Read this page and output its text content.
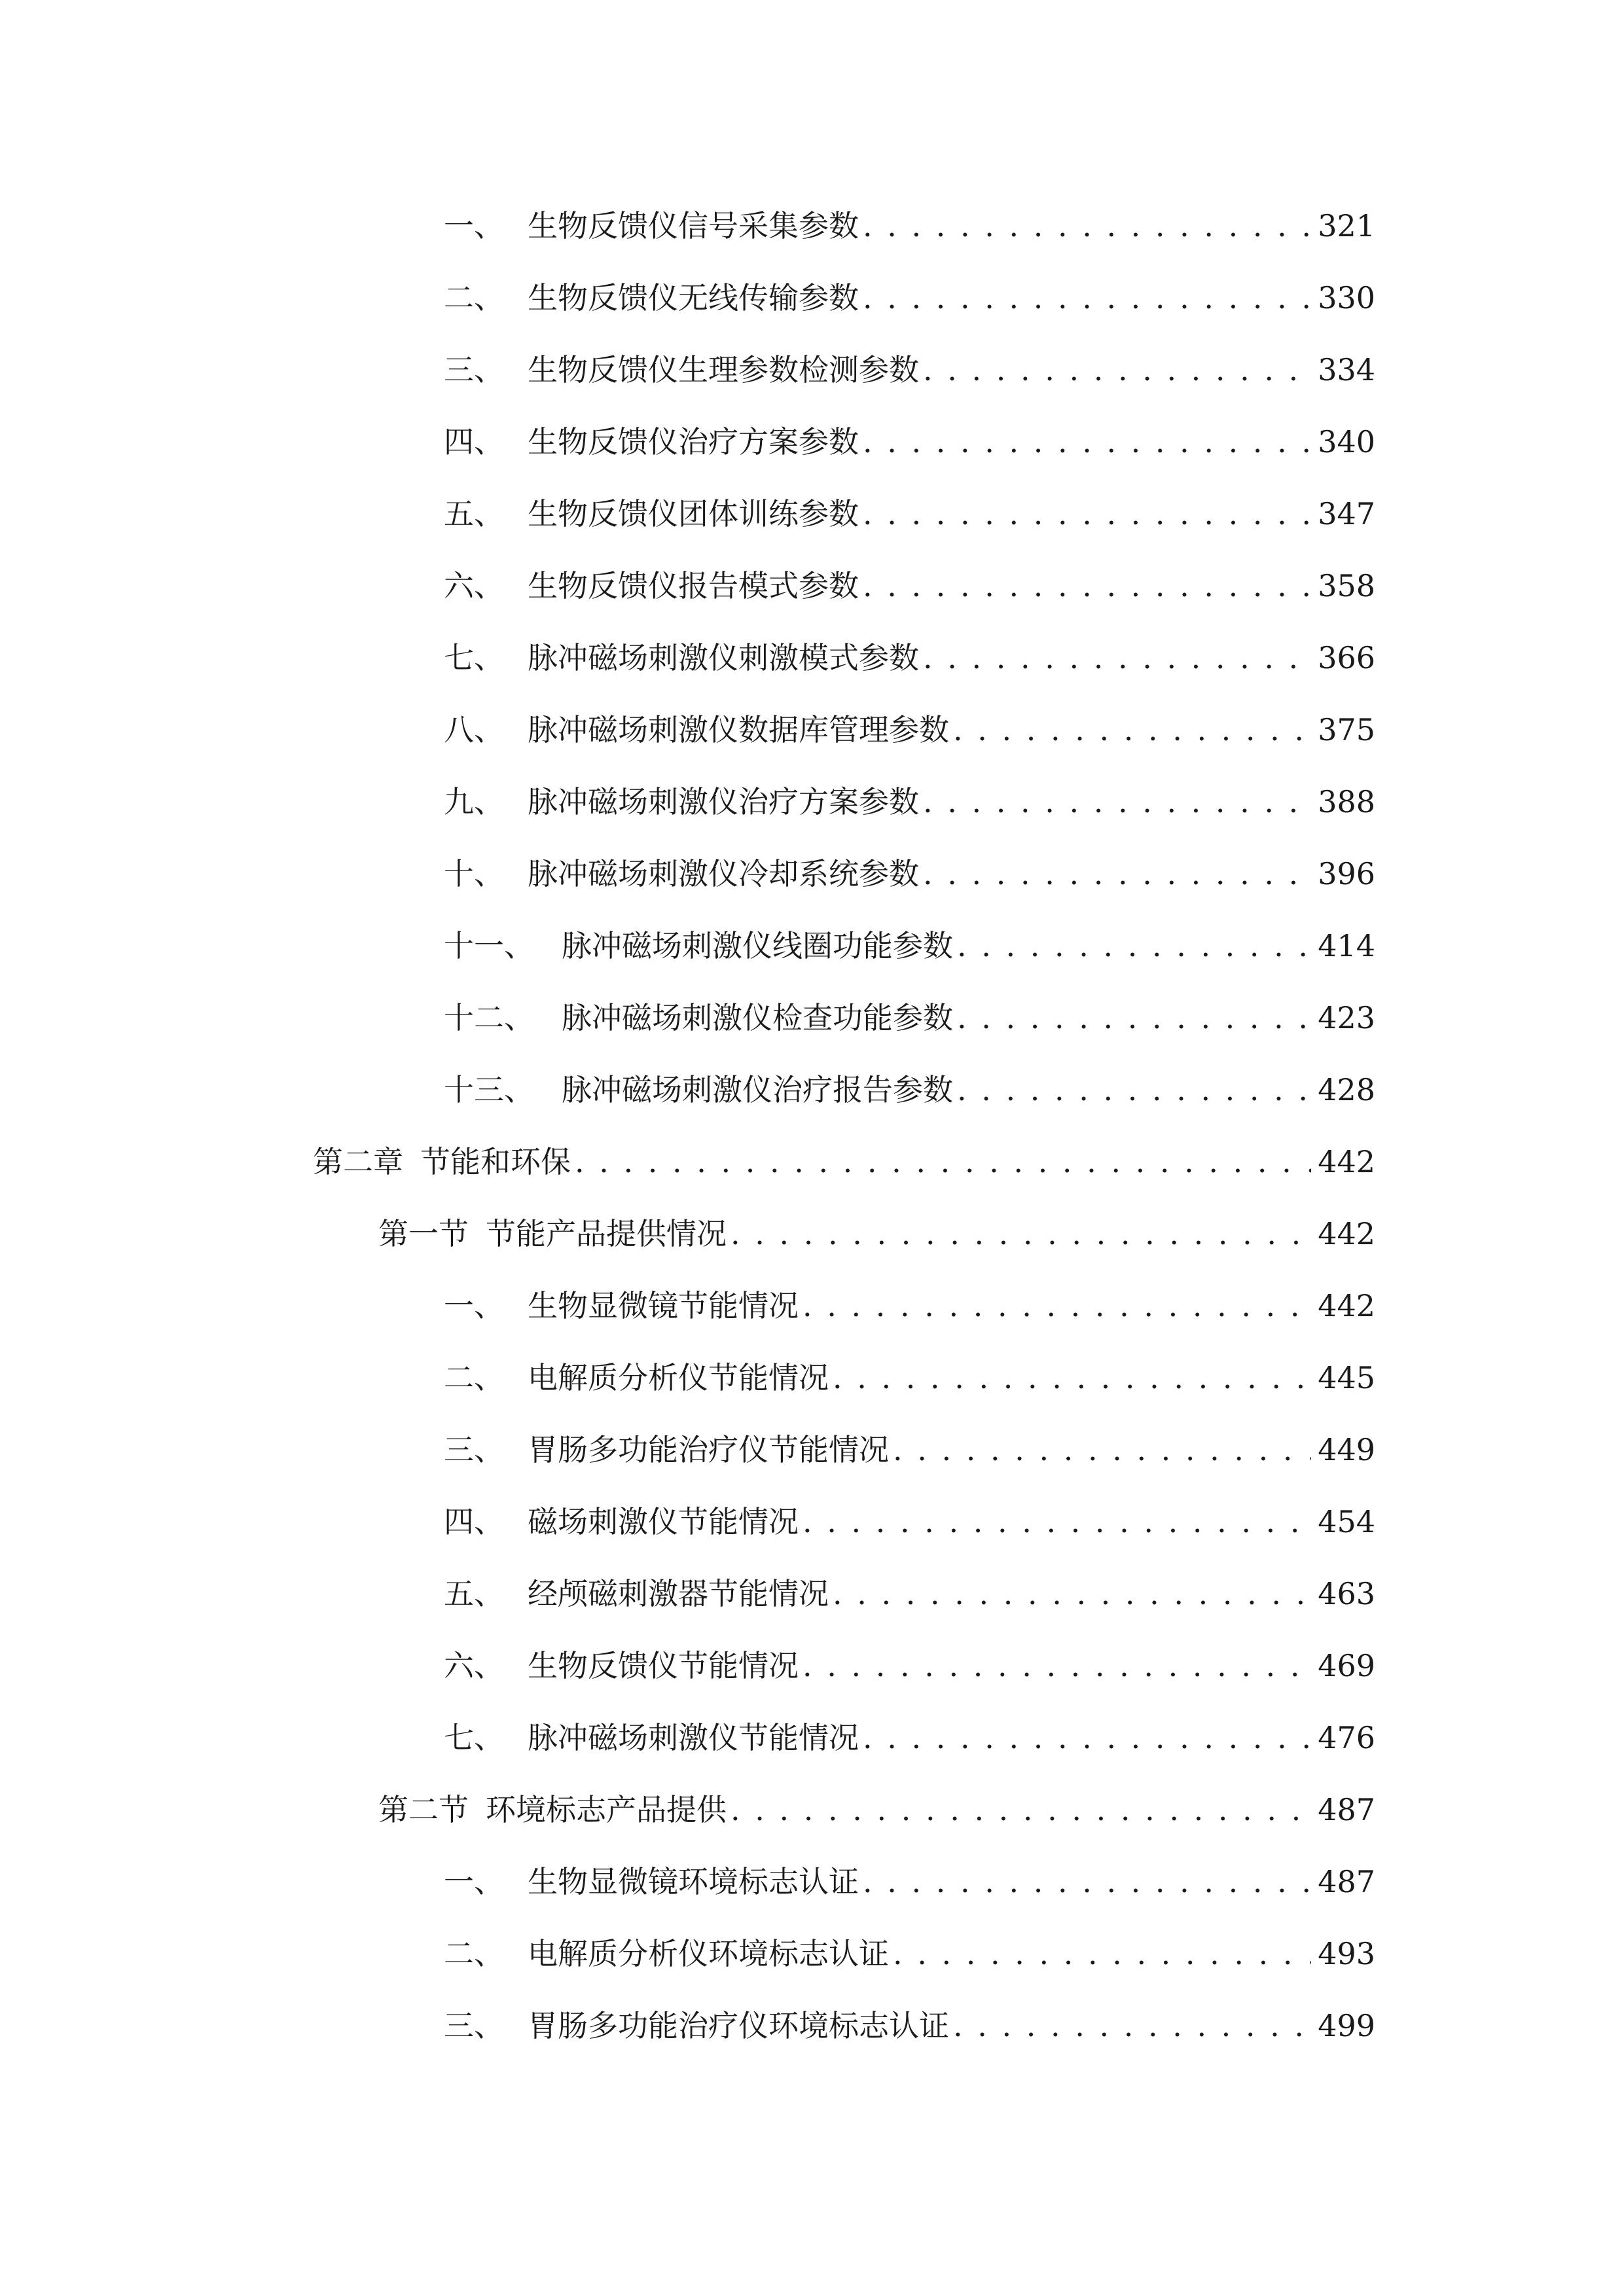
一、 生物反馈仪信号采集参数 . . .	321
二、 生物反馈仪无线传输参数 . . .	330
三、 生物反馈仪生理参数检测参数 . . .	334
四、 生物反馈仪治疗方案参数 . . .	340
五、 生物反馈仪团体训练参数 . . .	347
六、 生物反馈仪报告模式参数 . . .	358
七、 脉冲磁场刺激仪刺激模式参数 . . .	366
八、 脉冲磁场刺激仪数据库管理参数 . . .	375
九、 脉冲磁场刺激仪治疗方案参数 . . .	388
十、 脉冲磁场刺激仪冷却系统参数 . . .	396
十一、 脉冲磁场刺激仪线圈功能参数 . . .	414
十二、 脉冲磁场刺激仪检查功能参数 . . .	423
十三、 脉冲磁场刺激仪治疗报告参数 . . .	428
第二章 节能和环保 . . .	442
第一节 节能产品提供情况 . . .	442
一、 生物显微镜节能情况 . . .	442
二、 电解质分析仪节能情况 . . .	445
三、 胃肠多功能治疗仪节能情况 . . .	449
四、 磁场刺激仪节能情况 . . .	454
五、 经颅磁刺激器节能情况 . . .	463
六、 生物反馈仪节能情况 . . .	469
七、 脉冲磁场刺激仪节能情况 . . .	476
第二节 环境标志产品提供 . . .	487
一、 生物显微镜环境标志认证 . . .	487
二、 电解质分析仪环境标志认证 . . .	493
三、 胃肠多功能治疗仪环境标志认证 . . .	499
